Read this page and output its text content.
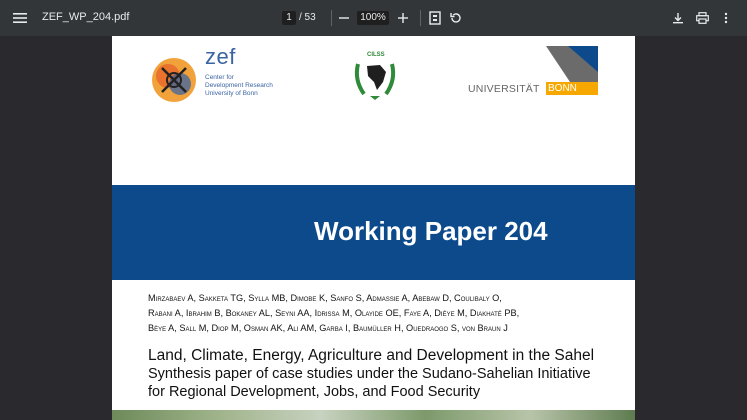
ZEF_WP_204.pdf	1 / 53	100%
zef
Center for
Development Research
University of Bonn
CILSS
UNIVERSITÄT BONN
Working Paper 204
Mirzabaev A, Sakketa TG, Sylla MB, Dimobe K, Sanfo S, Admassie A, Abebaw D, Coulibaly O,
Rabani A, Ibrahim B, Bokaney AL, Seyni AA, Idrissa M, Olayide OE, Faye A, Diéye M, Diakhaté PB,
Bèye A, Sall M, Diop M, Osman AK, Ali AM, Garba I, Baumüller H, Ouedraogo S, von Braun J
Land, Climate, Energy, Agriculture and Development in the Sahel
Synthesis paper of case studies under the Sudano-Sahelian Initiative
for Regional Development, Jobs, and Food Security
